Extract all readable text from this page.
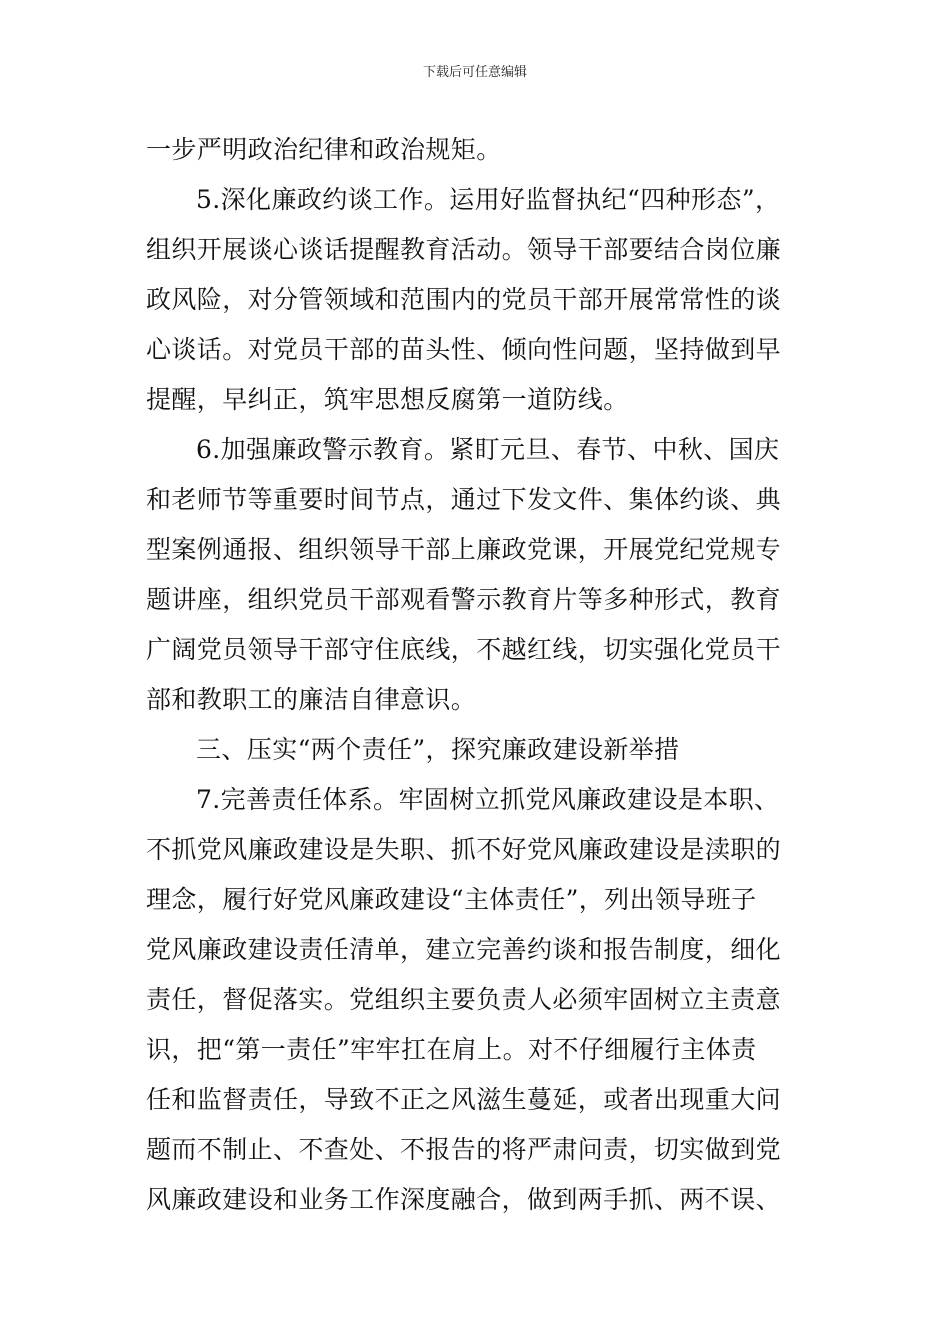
下载后可任意编辑
一步严明政治纪律和政治规矩。
5.深化廉政约谈工作。运用好监督执纪“四种形态”，
组织开展谈心谈话提醒教育活动。领导干部要结合岗位廉
政风险，对分管领域和范围内的党员干部开展常常性的谈
心谈话。对党员干部的苗头性、倾向性问题，坚持做到早
提醒，早纠正，筑牢思想反腐第一道防线。
6.加强廉政警示教育。紧盯元旦、春节、中秋、国庆
和老师节等重要时间节点，通过下发文件、集体约谈、典
型案例通报、组织领导干部上廉政党课，开展党纪党规专
题讲座，组织党员干部观看警示教育片等多种形式，教育
广阔党员领导干部守住底线，不越红线，切实强化党员干
部和教职工的廉洁自律意识。
三、压实“两个责任”，探究廉政建设新举措
7.完善责任体系。牢固树立抓党风廉政建设是本职、
不抓党风廉政建设是失职、抓不好党风廉政建设是渎职的
理念，履行好党风廉政建设“主体责任”，列出领导班子
党风廉政建设责任清单，建立完善约谈和报告制度，细化
责任，督促落实。党组织主要负责人必须牢固树立主责意
识，把“第一责任”牢牢扛在肩上。对不仔细履行主体责
任和监督责任，导致不正之风滋生蔓延，或者出现重大问
题而不制止、不查处、不报告的将严肃问责，切实做到党
风廉政建设和业务工作深度融合，做到两手抓、两不误、
